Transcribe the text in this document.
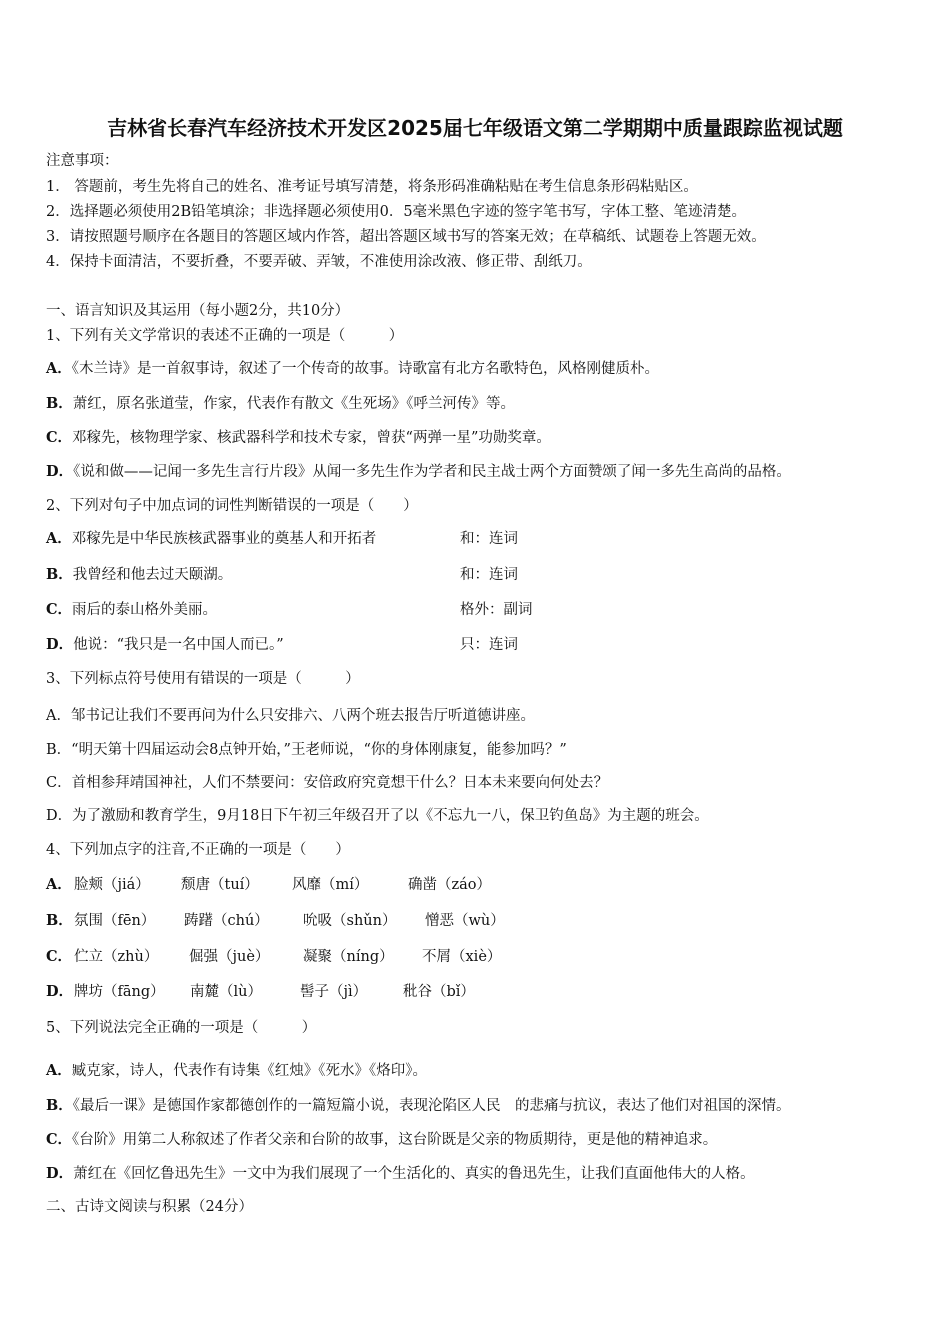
吉林省长春汽车经济技术开发区2025届七年级语文第二学期期中质量跟踪监视试题
注意事项：
1． 答题前，考生先将自己的姓名、准考证号填写清楚，将条形码准确粘贴在考生信息条形码粘贴区。
2．选择题必须使用2B铅笔填涂；非选择题必须使用0．5毫米黑色字迹的签字笔书写，字体工整、笔迹清楚。
3．请按照题号顺序在各题目的答题区域内作答，超出答题区域书写的答案无效；在草稿纸、试题卷上答题无效。
4．保持卡面清洁，不要折叠，不要弄破、弄皱，不准使用涂改液、修正带、刮纸刀。
一、语言知识及其运用（每小题2分，共10分）
1、下列有关文学常识的表述不正确的一项是（　　　）
A．《木兰诗》是一首叙事诗，叙述了一个传奇的故事。诗歌富有北方名歌特色，风格刚健质朴。
B．萧红，原名张道莹，作家，代表作有散文《生死场》《呼兰河传》等。
C．邓稼先，核物理学家、核武器科学和技术专家，曾获“两弹一星”功勋奖章。
D．《说和做——记闻一多先生言行片段》从闻一多先生作为学者和民主战士两个方面赞颂了闻一多先生高尚的品格。
2、下列对句子中加点词的词性判断错误的一项是（　　）
A．邓稼先是中华民族核武器事业的奠基人和开拓者	和：连词
B．我曾经和他去过天颐湖。	和：连词
C．雨后的泰山格外美丽。	格外：副词
D．他说：“我只是一名中国人而已。”	只：连词
3、下列标点符号使用有错误的一项是（　　　）
A．邹书记让我们不要再问为什么只安排六、八两个班去报告厅听道德讲座。
B．“明天第十四届运动会8点钟开始，”王老师说，“你的身体刚康复，能参加吗？”
C．首相参拜靖国神社，人们不禁要问：安倍政府究竟想干什么？日本未来要向何处去？
D．为了激励和教育学生，9月18日下午初三年级召开了以《不忘九一八，保卫钓鱼岛》为主题的班会。
4、下列加点字的注音,不正确的一项是（　　）
A． 脸颊（jiá） 颓唐（tuí） 风靡（mí）	确凿（záo）
B． 氛围（fēn） 踌躇（chú） 吮吸（shǔn） 憎恶（wù）
C． 伫立（zhù） 倔强（juè） 凝聚（níng） 不屑（xiè）
D． 牌坊（fāng） 南麓（lù）	髻子（jì） 秕谷（bǐ）
5、下列说法完全正确的一项是（　　　）
A．臧克家，诗人，代表作有诗集《红烛》《死水》《烙印》。
B．《最后一课》是德国作家都德创作的一篇短篇小说，表现沦陷区人民　的悲痛与抗议，表达了他们对祖国的深情。
C．《台阶》用第二人称叙述了作者父亲和台阶的故事，这台阶既是父亲的物质期待，更是他的精神追求。
D．萧红在《回忆鲁迅先生》一文中为我们展现了一个生活化的、真实的鲁迅先生，让我们直面他伟大的人格。
二、古诗文阅读与积累（24分）
